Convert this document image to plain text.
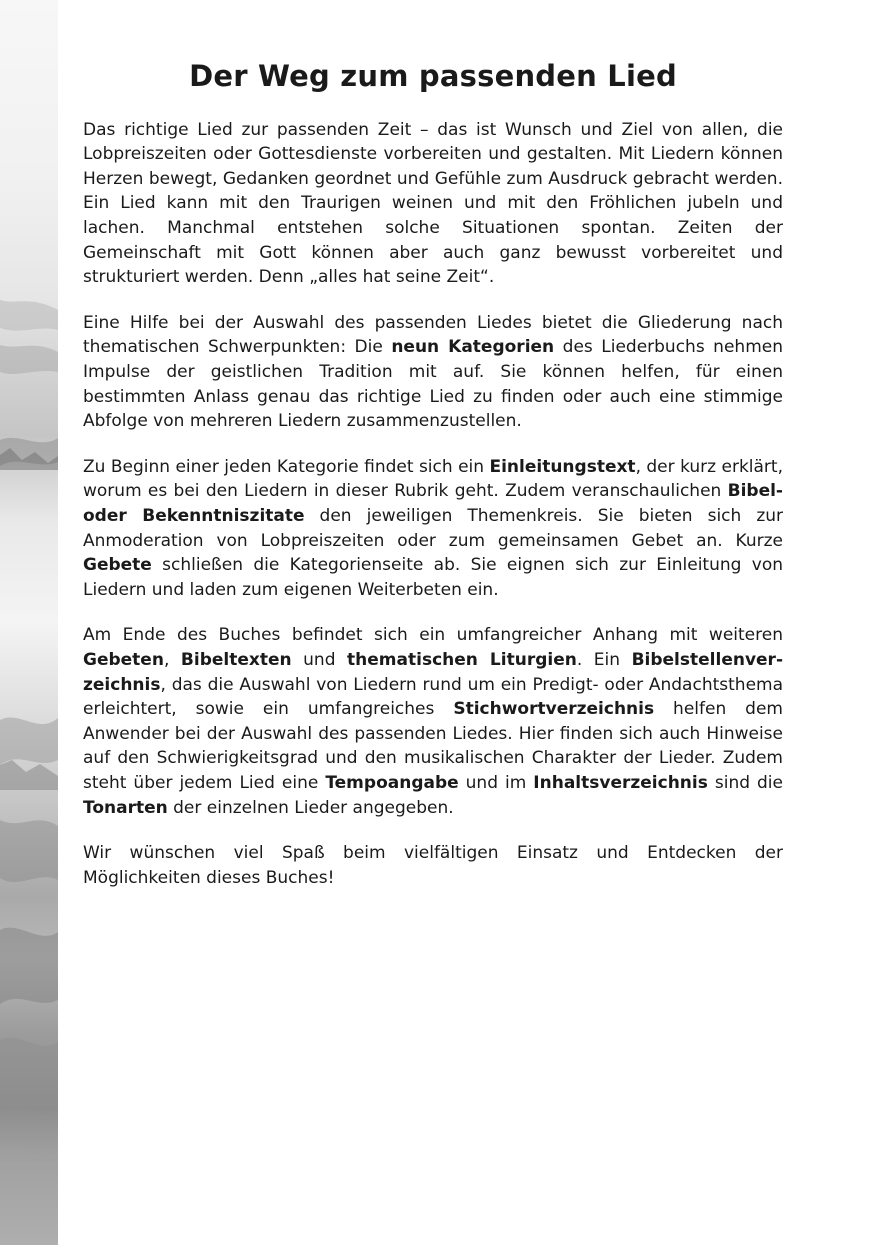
Der Weg zum passenden Lied

Das richtige Lied zur passenden Zeit – das ist Wunsch und Ziel von allen, die Lobpreiszeiten oder Gottesdienste vorbereiten und gestalten. Mit Liedern können Herzen bewegt, Gedanken geordnet und Gefühle zum Ausdruck gebracht werden. Ein Lied kann mit den Traurigen weinen und mit den Fröhlichen jubeln und lachen. Manchmal entstehen solche Situationen spontan. Zeiten der Gemeinschaft mit Gott können aber auch ganz bewusst vorbereitet und strukturiert werden. Denn „alles hat seine Zeit“.

Eine Hilfe bei der Auswahl des passenden Liedes bietet die Gliederung nach thematischen Schwerpunkten: Die neun Kategorien des Liederbuchs nehmen Impulse der geistlichen Tradition mit auf. Sie können helfen, für einen bestimmten Anlass genau das richtige Lied zu finden oder auch eine stimmige Abfolge von mehreren Liedern zusammenzustellen.

Zu Beginn einer jeden Kategorie findet sich ein Einleitungstext, der kurz erklärt, worum es bei den Liedern in dieser Rubrik geht. Zudem veranschaulichen Bibel- oder Bekenntniszitate den jeweiligen Themenkreis. Sie bieten sich zur Anmoderation von Lobpreiszeiten oder zum gemeinsamen Gebet an. Kurze Gebete schließen die Kategorienseite ab. Sie eignen sich zur Einleitung von Liedern und laden zum eigenen Weiterbeten ein.

Am Ende des Buches befindet sich ein umfangreicher Anhang mit weiteren Gebeten, Bibeltexten und thematischen Liturgien. Ein Bibelstellenverzeichnis, das die Auswahl von Liedern rund um ein Predigt- oder Andachtsthema erleichtert, sowie ein umfangreiches Stichwortverzeichnis helfen dem Anwender bei der Auswahl des passenden Liedes. Hier finden sich auch Hinweise auf den Schwierigkeitsgrad und den musikalischen Charakter der Lieder. Zudem steht über jedem Lied eine Tempoangabe und im Inhaltsverzeichnis sind die Tonarten der einzelnen Lieder angegeben.

Wir wünschen viel Spaß beim vielfältigen Einsatz und Entdecken der Möglichkeiten dieses Buches!
